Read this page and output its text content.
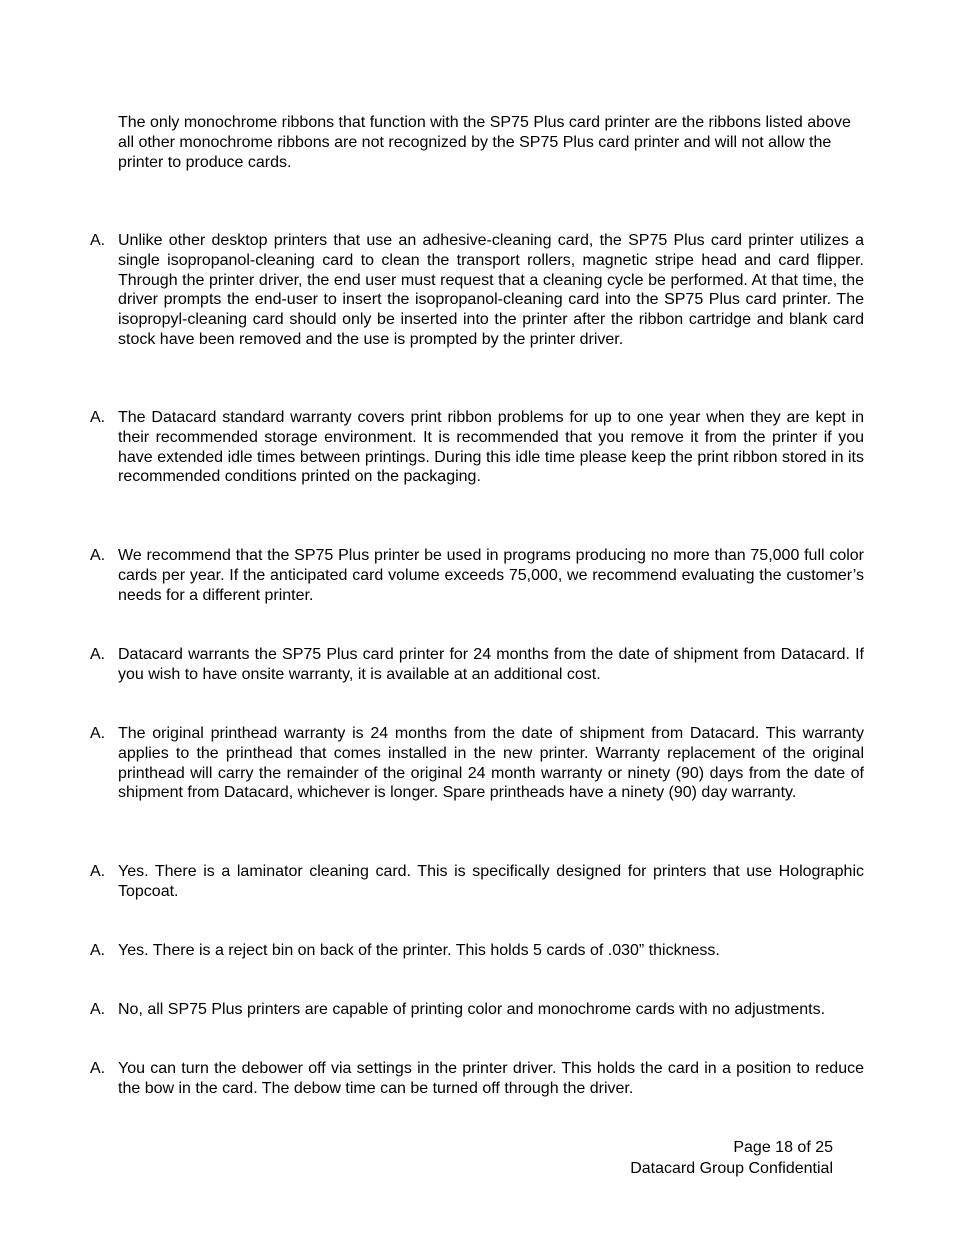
The only monochrome ribbons that function with the SP75 Plus card printer are the ribbons listed above all other monochrome ribbons are not recognized by the SP75 Plus card printer and will not allow the printer to produce cards.

A. Unlike other desktop printers that use an adhesive-cleaning card, the SP75 Plus card printer utilizes a single isopropanol-cleaning card to clean the transport rollers, magnetic stripe head and card flipper. Through the printer driver, the end user must request that a cleaning cycle be performed. At that time, the driver prompts the end-user to insert the isopropanol-cleaning card into the SP75 Plus card printer. The isopropyl-cleaning card should only be inserted into the printer after the ribbon cartridge and blank card stock have been removed and the use is prompted by the printer driver.
A. The Datacard standard warranty covers print ribbon problems for up to one year when they are kept in their recommended storage environment. It is recommended that you remove it from the printer if you have extended idle times between printings. During this idle time please keep the print ribbon stored in its recommended conditions printed on the packaging.
A. We recommend that the SP75 Plus printer be used in programs producing no more than 75,000 full color cards per year. If the anticipated card volume exceeds 75,000, we recommend evaluating the customer’s needs for a different printer.
A. Datacard warrants the SP75 Plus card printer for 24 months from the date of shipment from Datacard. If you wish to have onsite warranty, it is available at an additional cost.
A. The original printhead warranty is 24 months from the date of shipment from Datacard. This warranty applies to the printhead that comes installed in the new printer. Warranty replacement of the original printhead will carry the remainder of the original 24 month warranty or ninety (90) days from the date of shipment from Datacard, whichever is longer. Spare printheads have a ninety (90) day warranty.
A. Yes. There is a laminator cleaning card. This is specifically designed for printers that use Holographic Topcoat.
A. Yes. There is a reject bin on back of the printer. This holds 5 cards of .030” thickness.
A. No, all SP75 Plus printers are capable of printing color and monochrome cards with no adjustments.
A. You can turn the debower off via settings in the printer driver. This holds the card in a position to reduce the bow in the card. The debow time can be turned off through the driver.
Page 18 of 25
Datacard Group Confidential
